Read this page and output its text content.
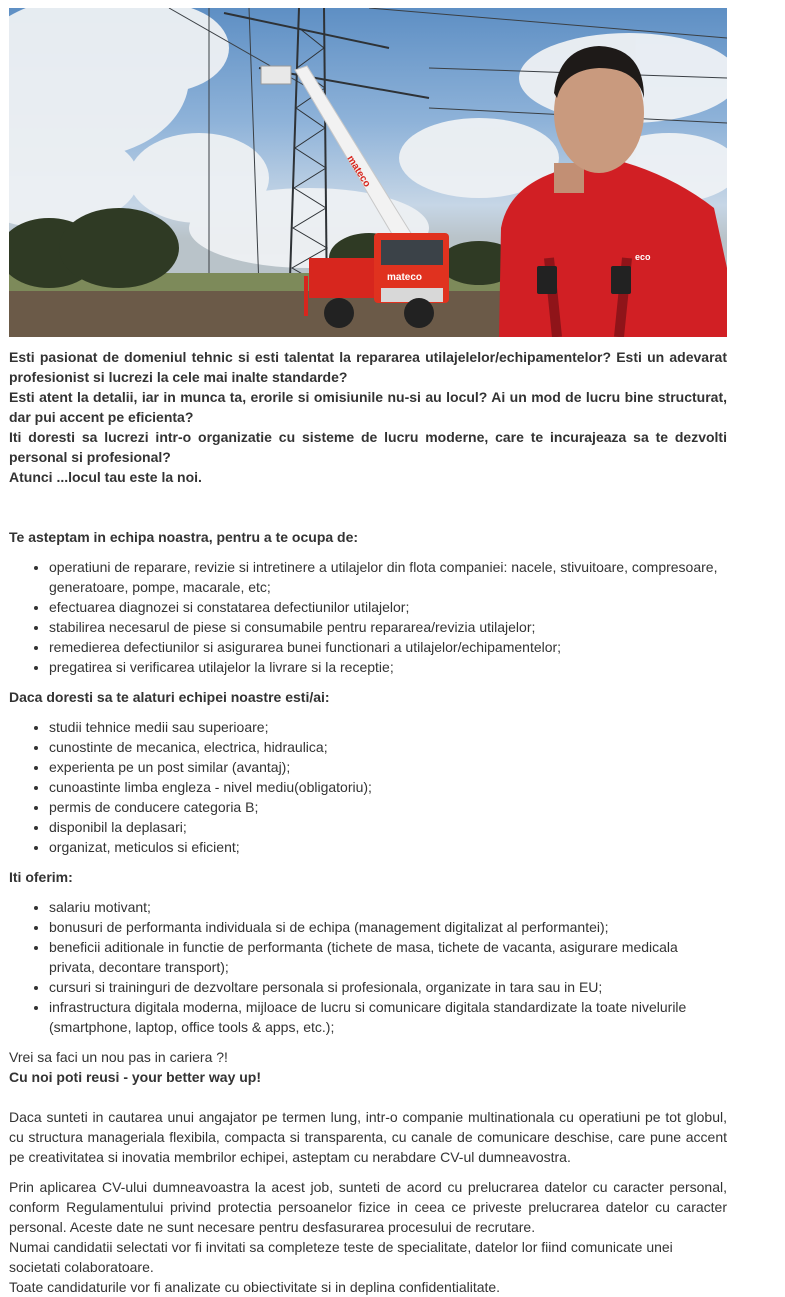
mateco
mateco
eco

Esti pasionat de domeniul tehnic si esti talentat la repararea utilajelelor/echipamentelor? Esti un adevarat profesionist si lucrezi la cele mai inalte standarde?

Esti atent la detalii, iar in munca ta, erorile si omisiunile nu-si au locul? Ai un mod de lucru bine structurat, dar pui accent pe eficienta?

Iti doresti sa lucrezi intr-o organizatie cu sisteme de lucru moderne, care te incurajeaza sa te dezvolti personal si profesional?

Atunci ...locul tau este la noi.

Te asteptam in echipa noastra, pentru a te ocupa de:
• operatiuni de reparare, revizie si intretinere a utilajelor din flota companiei: nacele, stivuitoare, compresoare, generatoare, pompe, macarale, etc;
• efectuarea diagnozei si constatarea defectiunilor utilajelor;
• stabilirea necesarul de piese si consumabile pentru repararea/revizia utilajelor;
• remedierea defectiunilor si asigurarea bunei functionari a utilajelor/echipamentelor;
• pregatirea si verificarea utilajelor la livrare si la receptie;
Daca doresti sa te alaturi echipei noastre esti/ai:
• studii tehnice medii sau superioare;
• cunostinte de mecanica, electrica, hidraulica;
• experienta pe un post similar (avantaj);
• cunoastinte limba engleza - nivel mediu(obligatoriu);
• permis de conducere categoria B;
• disponibil la deplasari;
• organizat, meticulos si eficient;
Iti oferim:
• salariu motivant;
• bonusuri de performanta individuala si de echipa (management digitalizat al performantei);
• beneficii aditionale in functie de performanta (tichete de masa, tichete de vacanta, asigurare medicala privata, decontare transport);
• cursuri si traininguri de dezvoltare personala si profesionala, organizate in tara sau in EU;
• infrastructura digitala moderna, mijloace de lucru si comunicare digitala standardizate la toate nivelurile (smartphone, laptop, office tools & apps, etc.);

Vrei sa faci un nou pas in cariera ?!

Cu noi poti reusi - your better way up!

Daca sunteti in cautarea unui angajator pe termen lung, intr-o companie multinationala cu operatiuni pe tot globul, cu structura manageriala flexibila, compacta si transparenta, cu canale de comunicare deschise, care pune accent pe creativitatea si inovatia membrilor echipei, asteptam cu nerabdare CV-ul dumneavostra.

Prin aplicarea CV-ului dumneavoastra la acest job, sunteti de acord cu prelucrarea datelor cu caracter personal, conform Regulamentului privind protectia persoanelor fizice in ceea ce priveste prelucrarea datelor cu caracter personal. Aceste date ne sunt necesare pentru desfasurarea procesului de recrutare.

Numai candidatii selectati vor fi invitati sa completeze teste de specialitate, datelor lor fiind comunicate unei societati colaboratoare.

Toate candidaturile vor fi analizate cu obiectivitate si in deplina confidentialitate.
